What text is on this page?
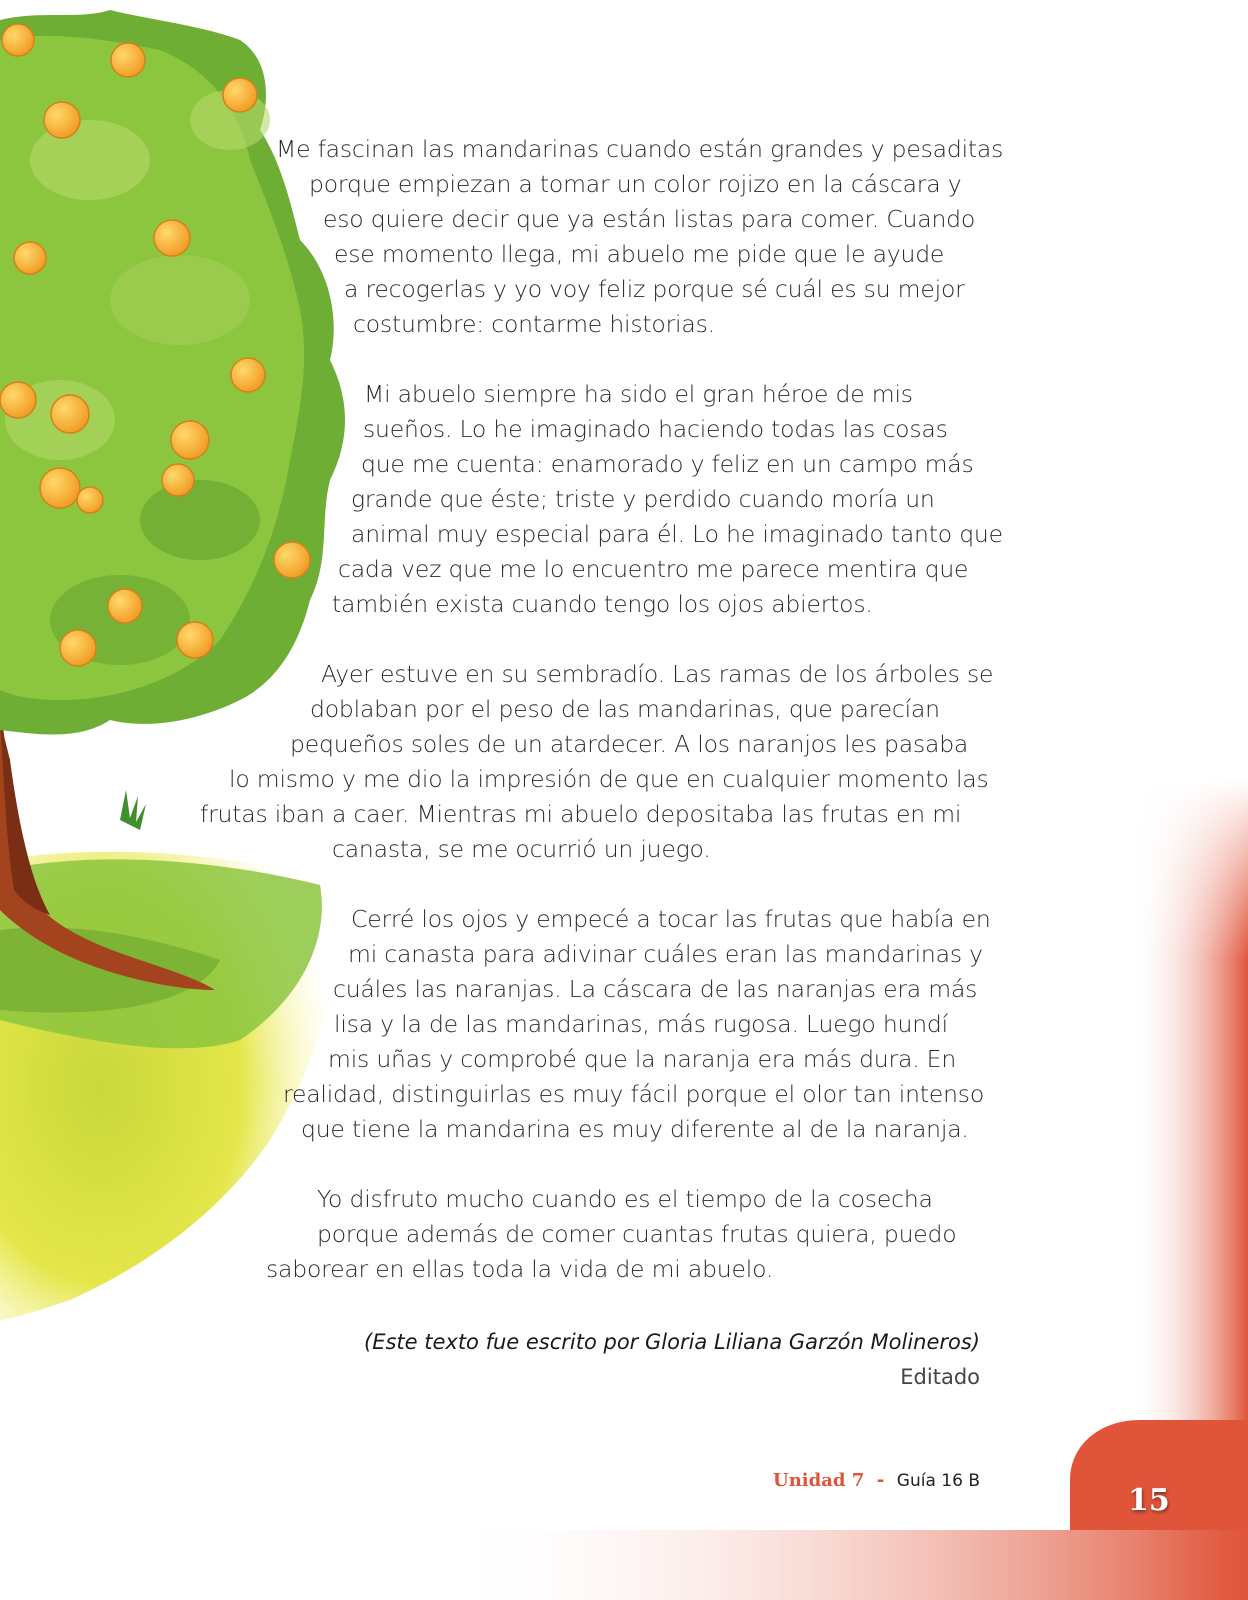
Me fascinan las mandarinas cuando están grandes y pesaditas
porque empiezan a tomar un color rojizo en la cáscara y
eso quiere decir que ya están listas para comer. Cuando
ese momento llega, mi abuelo me pide que le ayude
a recogerlas y yo voy feliz porque sé cuál es su mejor
costumbre: contarme historias.
Mi abuelo siempre ha sido el gran héroe de mis
sueños. Lo he imaginado haciendo todas las cosas
que me cuenta: enamorado y feliz en un campo más
grande que éste; triste y perdido cuando moría un
animal muy especial para él. Lo he imaginado tanto que
cada vez que me lo encuentro me parece mentira que
también exista cuando tengo los ojos abiertos.
Ayer estuve en su sembradío. Las ramas de los árboles se
doblaban por el peso de las mandarinas, que parecían
pequeños soles de un atardecer. A los naranjos les pasaba
lo mismo y me dio la impresión de que en cualquier momento las
frutas iban a caer. Mientras mi abuelo depositaba las frutas en mi
canasta, se me ocurrió un juego.
Cerré los ojos y empecé a tocar las frutas que había en
mi canasta para adivinar cuáles eran las mandarinas y
cuáles las naranjas. La cáscara de las naranjas era más
lisa y la de las mandarinas, más rugosa. Luego hundí
mis uñas y comprobé que la naranja era más dura. En
realidad, distinguirlas es muy fácil porque el olor tan intenso
que tiene la mandarina es muy diferente al de la naranja.
Yo disfruto mucho cuando es el tiempo de la cosecha
porque además de comer cuantas frutas quiera, puedo
saborear en ellas toda la vida de mi abuelo.
(Este texto fue escrito por Gloria Liliana Garzón Molineros)
Editado
Unidad 7 - Guía 16 B
15
